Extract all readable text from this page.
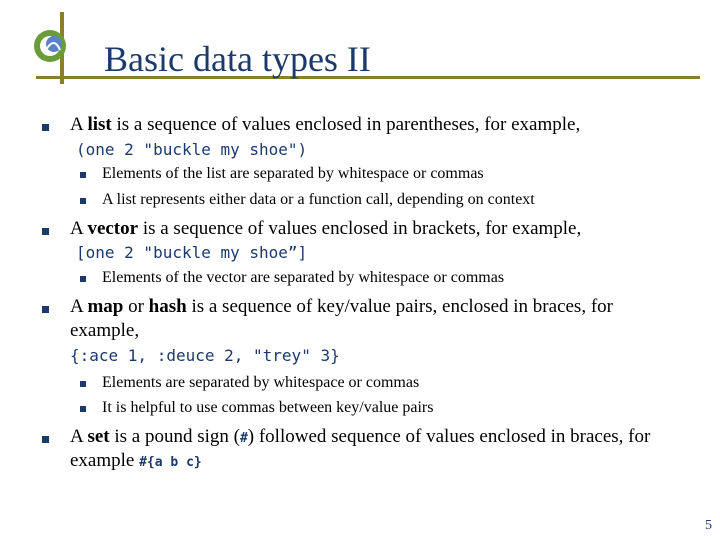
Basic data types II
A list is a sequence of values enclosed in parentheses, for example,
(one 2 "buckle my shoe")
Elements of the list are separated by whitespace or commas
A list represents either data or a function call, depending on context
A vector is a sequence of values enclosed in brackets, for example,
[one 2 "buckle my shoe”]
Elements of the vector are separated by whitespace or commas
A map or hash is a sequence of key/value pairs, enclosed in braces, for
example,
{:ace 1, :deuce 2, "trey" 3}
Elements are separated by whitespace or commas
It is helpful to use commas between key/value pairs
A set is a pound sign (#) followed sequence of values enclosed in braces, for
example #{a b c}
5
